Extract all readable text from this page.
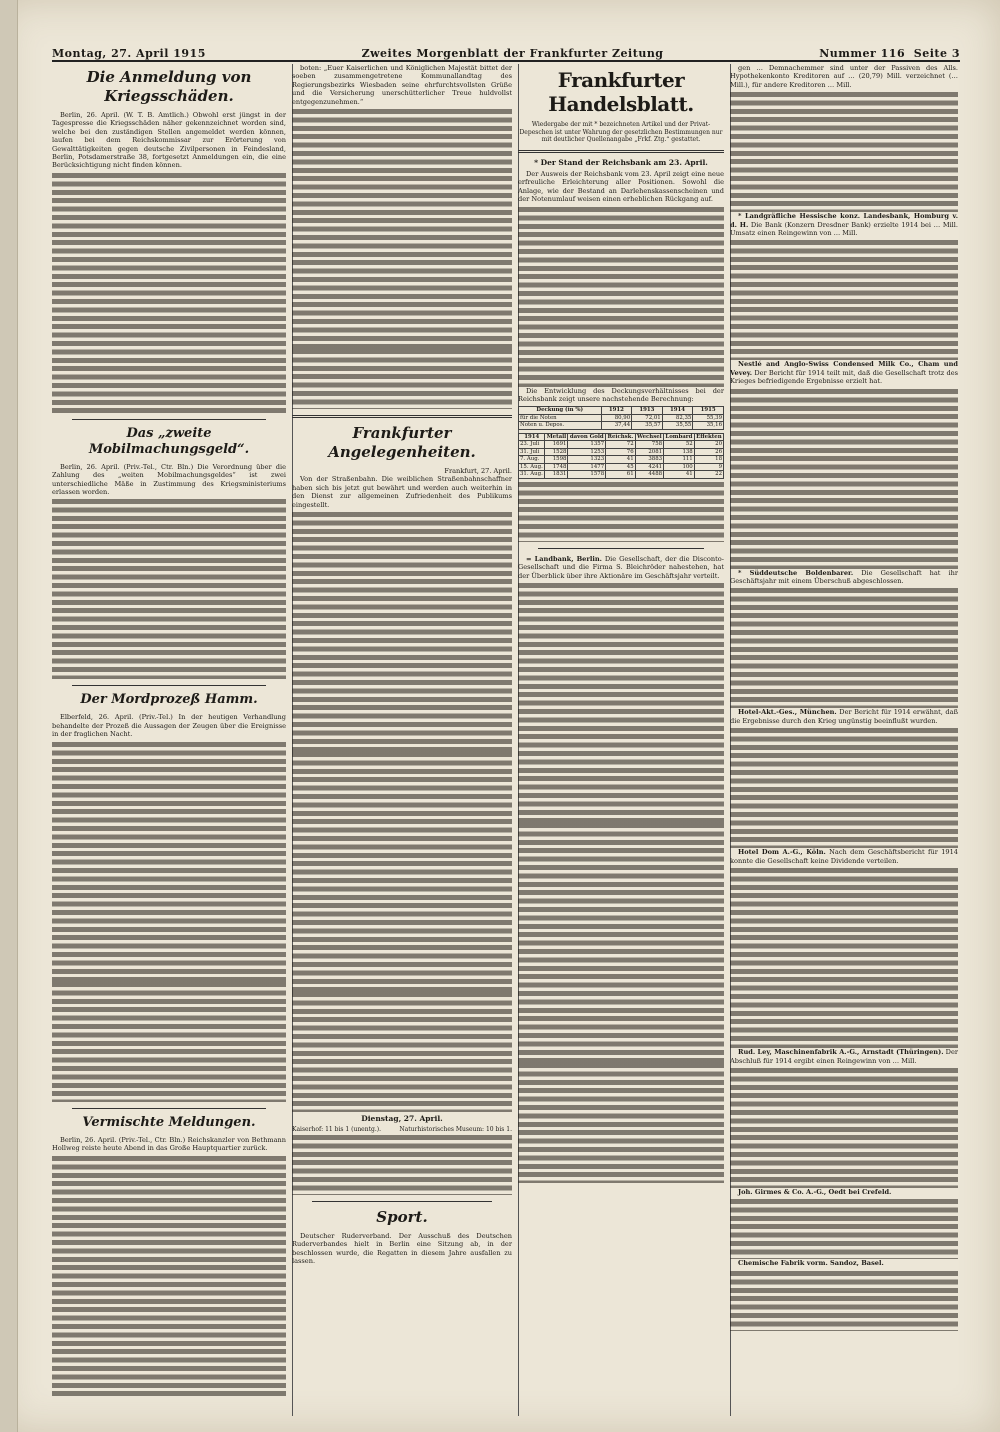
Montag, 27. April 1915	Zweites Morgenblatt der Frankfurter Zeitung	Nummer 116 Seite 3
Die Anmeldung von Kriegsschäden.

Berlin, 26. April. (W. T. B. Amtlich.) Obwohl erst jüngst in der Tagespresse die Kriegsschäden näher gekennzeichnet worden sind, welche bei den zuständigen Stellen angemeldet werden können, laufen bei dem Reichskommissar zur Erörterung von Gewalttätigkeiten gegen deutsche Zivilpersonen in Feindesland, Berlin, Potsdamerstraße 38, fortgesetzt Anmeldungen ein, die eine Berücksichtigung nicht finden können.

Das „zweite Mobilmachungsgeld“.

Berlin, 26. April. (Priv.-Tel., Ctr. Bln.) Die Verordnung über die Zahlung des „weiten Mobilmachungsgeldes“ ist zwei unterschiedliche Mäße in Zustimmung des Kriegsministeriums erlassen worden.

Der Mordprozeß Hamm.

Elberfeld, 26. April. (Priv.-Tel.) In der heutigen Verhandlung behandelte der Prozeß die Aussagen der Zeugen über die Ereignisse in der fraglichen Nacht.

Vermischte Meldungen.

Berlin, 26. April. (Priv.-Tel., Ctr. Bln.) Reichskanzler von Bethmann Hollweg reiste heute Abend in das Große Hauptquartier zurück.

boten: „Euer Kaiserlichen und Königlichen Majestät bittet der soeben zusammengetretene Kommunallandtag des Regierungsbezirks Wiesbaden seine ehrfurchtsvollsten Grüße und die Versicherung unerschütterlicher Treue huldvollst entgegenzunehmen.“

Frankfurter Angelegenheiten.
Frankfurt, 27. April.

Von der Straßenbahn. Die weiblichen Straßenbahnschaffner haben sich bis jetzt gut bewährt und werden auch weiterhin in den Dienst zur allgemeinen Zufriedenheit des Publikums eingestellt.

Dienstag, 27. April.
Kaiserhof: 11 bis 1 (unentg.).	Naturhistorisches Museum: 10 bis 1.
Sport.

Deutscher Ruderverband. Der Ausschuß des Deutschen Ruderverbandes hielt in Berlin eine Sitzung ab, in der beschlossen wurde, die Regatten in diesem Jahre ausfallen zu lassen.

Frankfurter Handelsblatt.
Wiedergabe der mit * bezeichneten Artikel und der Privat-Depeschen ist unter Wahrung der gesetzlichen Bestimmungen nur mit deutlicher Quellenangabe „Frkf. Ztg.“ gestattet.
* Der Stand der Reichsbank am 23. April.

Der Ausweis der Reichsbank vom 23. April zeigt eine neue erfreuliche Erleichterung aller Positionen. Sowohl die Anlage, wie der Bestand an Darlehenskassenscheinen und der Notenumlauf weisen einen erheblichen Rückgang auf.

Die Entwicklung des Deckungsverhältnisses bei der Reichsbank zeigt unsere nachstehende Berechnung:

Deckung (in %)	1912	1913	1914	1915
für die Noten	80,90	72,01	82,35	55,39
Noten u. Depos.	37,44	35,57	35,55	35,16
1914	Metall	davon Gold	Reichsk.	Wechsel	Lombard	Effekten
23. Juli	1691	1357	72	758	52	20
31. Juli	1528	1253	76	2081	138	26
7. Aug.	1598	1323	41	3883	111	18
15. Aug.	1748	1477	45	4241	100	9
31. Aug.	1831	1578	61	4488	41	22

= Landbank, Berlin. Die Gesellschaft, der die Disconto-Gesellschaft und die Firma S. Bleichröder nahestehen, hat der Überblick über ihre Aktionäre im Geschäftsjahr verteilt.

gen … Demnachemmer sind unter der Passiven des Alls. Hypothekenkonto Kreditoren auf … (20,79) Mill. verzeichnet (… Mill.), für andere Kreditoren … Mill.

* Landgräfliche Hessische konz. Landesbank, Homburg v. d. H. Die Bank (Konzern Dresdner Bank) erzielte 1914 bei … Mill. Umsatz einen Reingewinn von … Mill.

Nestlé and Anglo-Swiss Condensed Milk Co., Cham und Vevey. Der Bericht für 1914 teilt mit, daß die Gesellschaft trotz des Krieges befriedigende Ergebnisse erzielt hat.

* Süddeutsche Boldenbarer. Die Gesellschaft hat ihr Geschäftsjahr mit einem Überschuß abgeschlossen.

Hotel-Akt.-Ges., München. Der Bericht für 1914 erwähnt, daß die Ergebnisse durch den Krieg ungünstig beeinflußt wurden.

Hotel Dom A.-G., Köln. Nach dem Geschäftsbericht für 1914 konnte die Gesellschaft keine Dividende verteilen.

Rud. Ley, Maschinenfabrik A.-G., Arnstadt (Thüringen). Der Abschluß für 1914 ergibt einen Reingewinn von … Mill.

Joh. Girmes & Co. A.-G., Oedt bei Crefeld.

Chemische Fabrik vorm. Sandoz, Basel.
